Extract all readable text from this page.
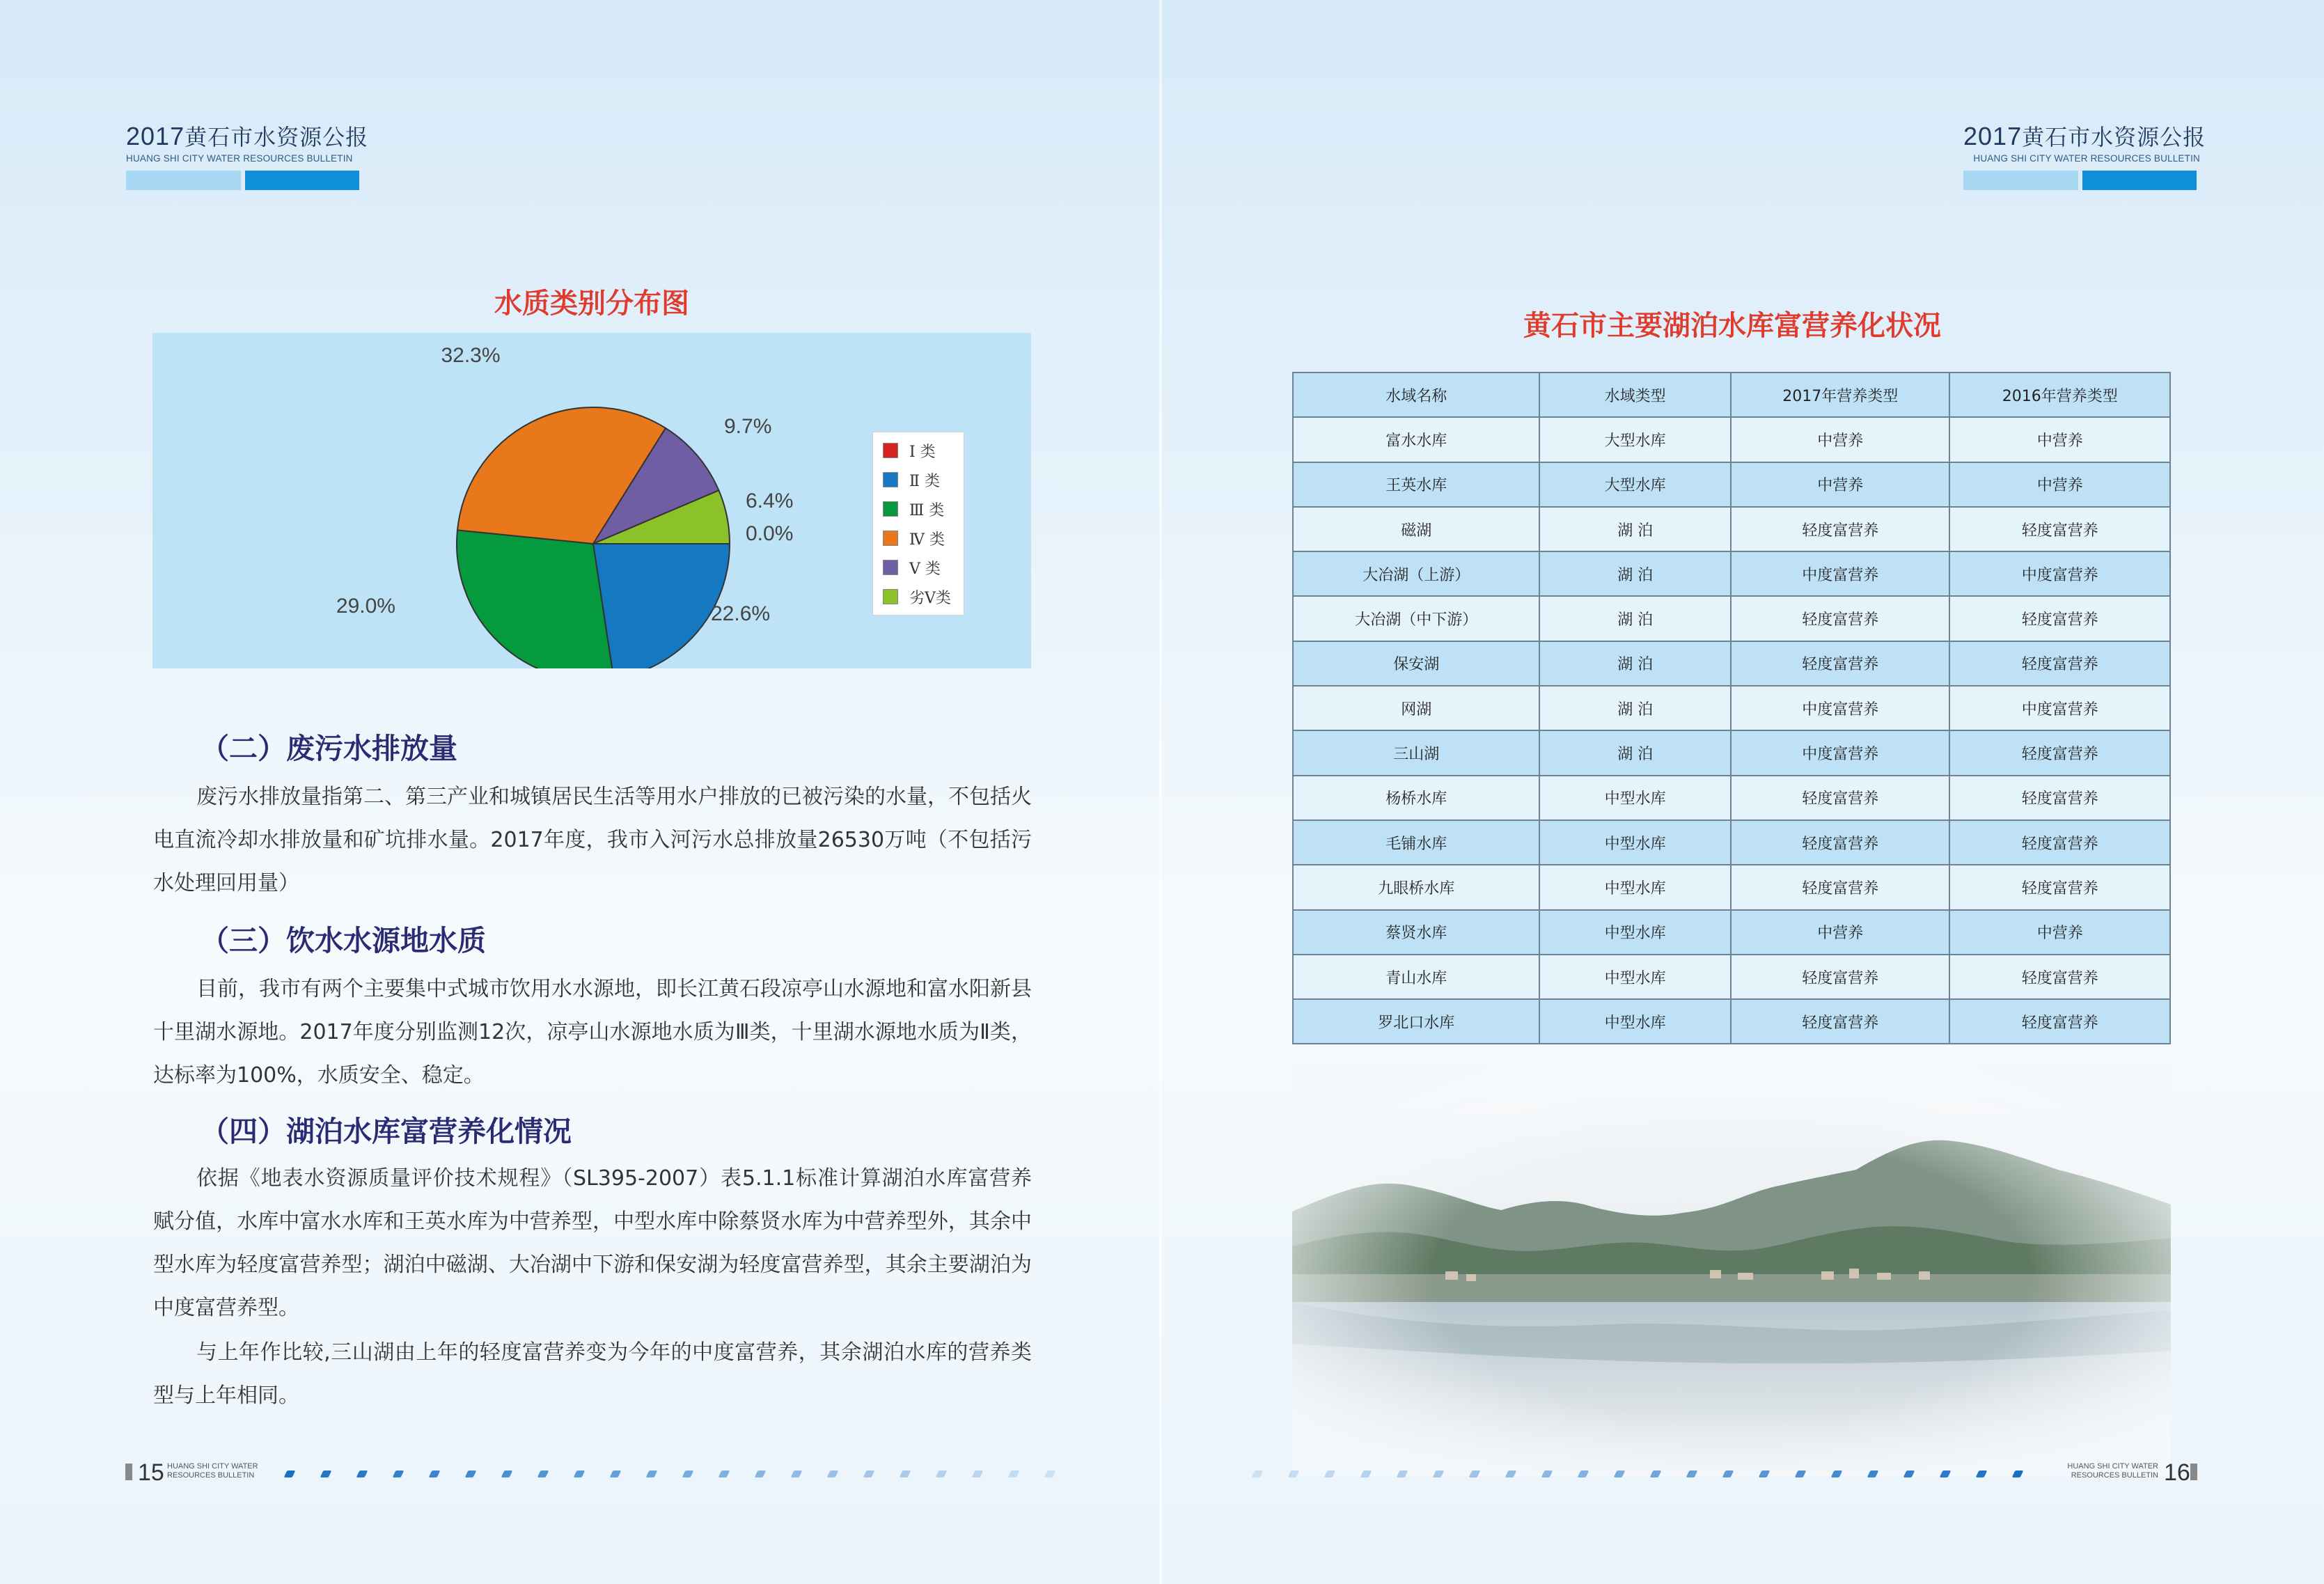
2017黄石市水资源公报
HUANG SHI CITY WATER RESOURCES BULLETIN
2017黄石市水资源公报
HUANG SHI CITY WATER RESOURCES BULLETIN
水质类别分布图
0.0%
22.6%
29.0%
32.3%
9.7%
6.4%
Ⅰ 类
Ⅱ 类
Ⅲ 类
Ⅳ 类
Ⅴ 类
劣Ⅴ类
（二）废污水排放量
废污水排放量指第二、第三产业和城镇居民生活等用水户排放的已被污染的水量，不包括火电直流冷却水排放量和矿坑排水量。2017年度，我市入河污水总排放量26530万吨（不包括污水处理回用量）
（三）饮水水源地水质
目前，我市有两个主要集中式城市饮用水水源地，即长江黄石段凉亭山水源地和富水阳新县十里湖水源地。2017年度分别监测12次，凉亭山水源地水质为Ⅲ类，十里湖水源地水质为Ⅱ类，达标率为100%，水质安全、稳定。
（四）湖泊水库富营养化情况
依据《地表水资源质量评价技术规程》（SL395-2007）表5.1.1标准计算湖泊水库富营养赋分值，水库中富水水库和王英水库为中营养型，中型水库中除蔡贤水库为中营养型外，其余中型水库为轻度富营养型；湖泊中磁湖、大冶湖中下游和保安湖为轻度富营养型，其余主要湖泊为中度富营养型。
与上年作比较,三山湖由上年的轻度富营养变为今年的中度富营养，其余湖泊水库的营养类型与上年相同。
黄石市主要湖泊水库富营养化状况
水域名称	水域类型	2017年营养类型	2016年营养类型
富水水库	大型水库	中营养	中营养
王英水库	大型水库	中营养	中营养
磁湖	湖 泊	轻度富营养	轻度富营养
大冶湖（上游）	湖 泊	中度富营养	中度富营养
大冶湖（中下游）	湖 泊	轻度富营养	轻度富营养
保安湖	湖 泊	轻度富营养	轻度富营养
网湖	湖 泊	中度富营养	中度富营养
三山湖	湖 泊	中度富营养	轻度富营养
杨桥水库	中型水库	轻度富营养	轻度富营养
毛铺水库	中型水库	轻度富营养	轻度富营养
九眼桥水库	中型水库	轻度富营养	轻度富营养
蔡贤水库	中型水库	中营养	中营养
青山水库	中型水库	轻度富营养	轻度富营养
罗北口水库	中型水库	轻度富营养	轻度富营养
15 HUANG SHI CITY WATER
RESOURCES BULLETIN
HUANG SHI CITY WATER
RESOURCES BULLETIN 16
